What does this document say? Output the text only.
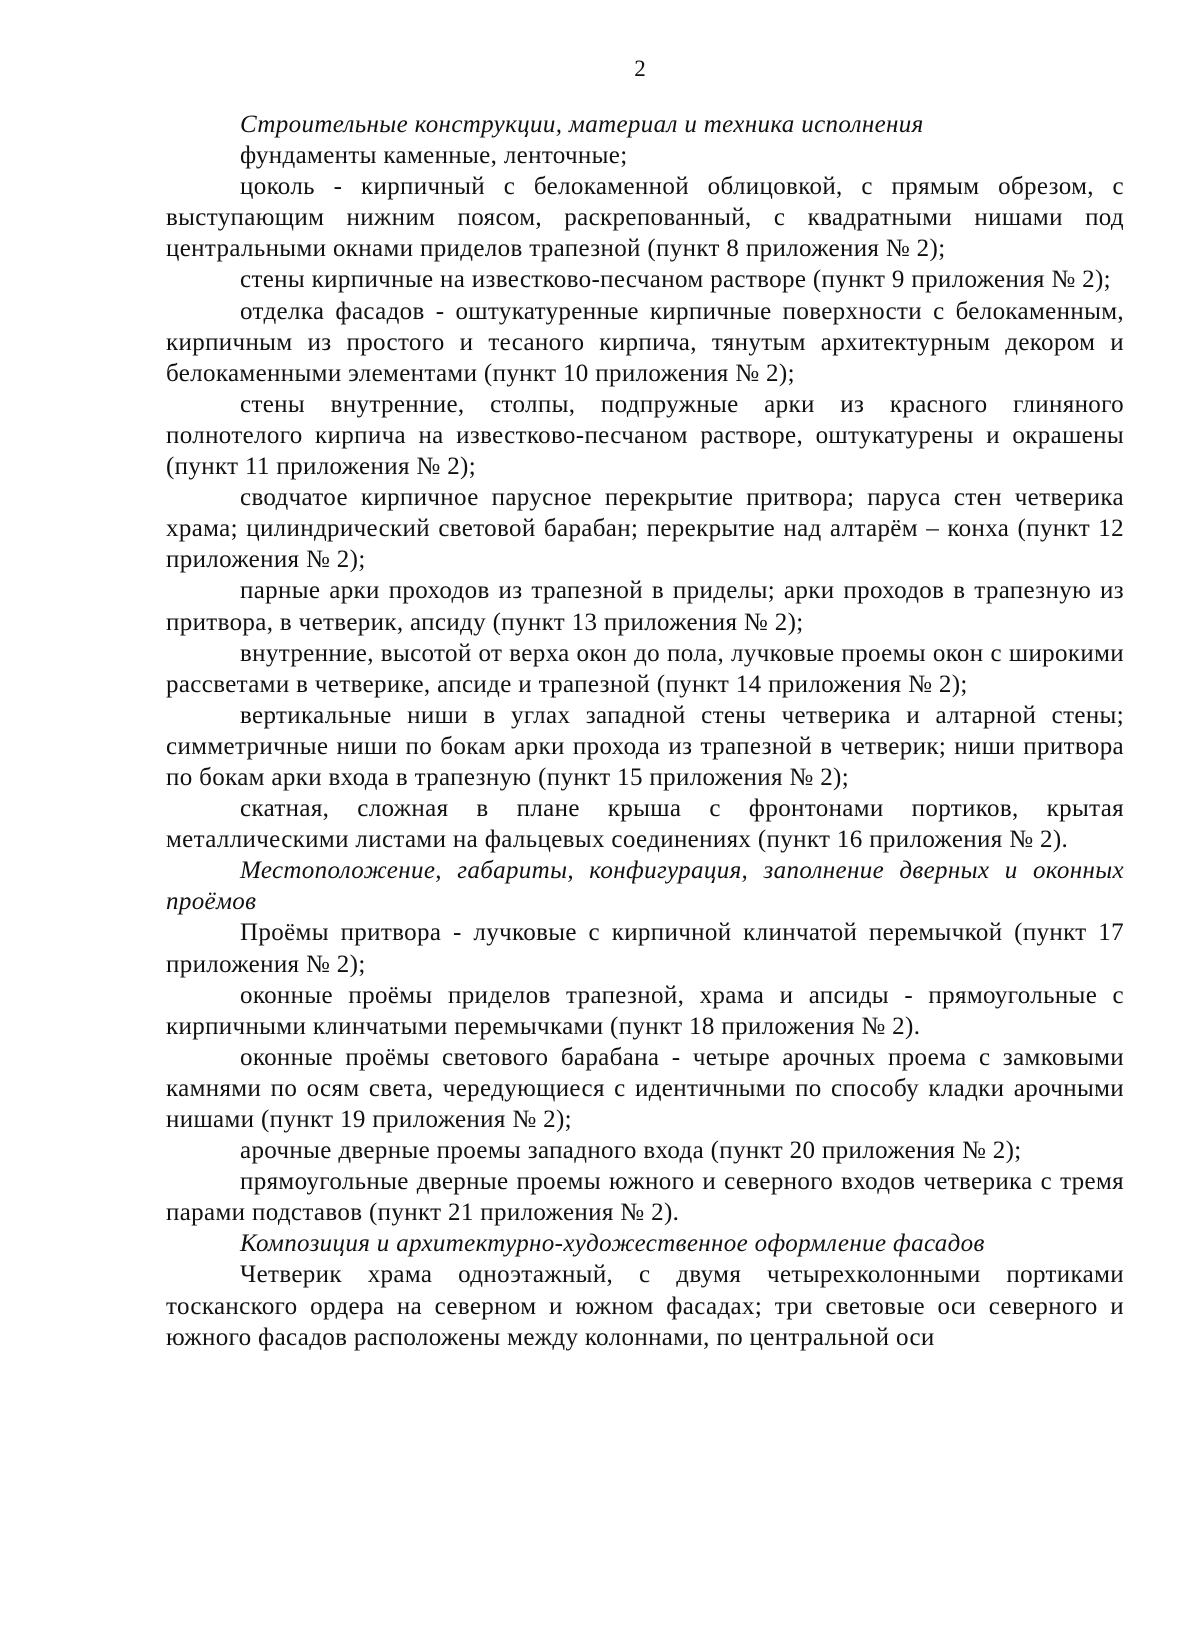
2

Строительные конструкции, материал и техника исполнения

фундаменты каменные, ленточные;

цоколь - кирпичный с белокаменной облицовкой, с прямым обрезом, с выступающим нижним поясом, раскрепованный, с квадратными нишами под центральными окнами приделов трапезной (пункт 8 приложения № 2);

стены кирпичные на известково-песчаном растворе (пункт 9 приложения № 2);

отделка фасадов - оштукатуренные кирпичные поверхности с белокаменным, кирпичным из простого и тесаного кирпича, тянутым архитектурным декором и белокаменными элементами (пункт 10 приложения № 2);

стены внутренние, столпы, подпружные арки из красного глиняного полнотелого кирпича на известково-песчаном растворе, оштукатурены и окрашены (пункт 11 приложения № 2);

сводчатое кирпичное парусное перекрытие притвора; паруса стен четверика храма; цилиндрический световой барабан; перекрытие над алтарём – конха (пункт 12 приложения № 2);

парные арки проходов из трапезной в приделы; арки проходов в трапезную из притвора, в четверик, апсиду (пункт 13 приложения № 2);

внутренние, высотой от верха окон до пола, лучковые проемы окон с широкими рассветами в четверике, апсиде и трапезной (пункт 14 приложения № 2);

вертикальные ниши в углах западной стены четверика и алтарной стены; симметричные ниши по бокам арки прохода из трапезной в четверик; ниши притвора по бокам арки входа в трапезную (пункт 15 приложения № 2);

скатная, сложная в плане крыша с фронтонами портиков, крытая металлическими листами на фальцевых соединениях (пункт 16 приложения № 2).

Местоположение, габариты, конфигурация, заполнение дверных и оконных проёмов

Проёмы притвора - лучковые с кирпичной клинчатой перемычкой (пункт 17 приложения № 2);

оконные проёмы приделов трапезной, храма и апсиды - прямоугольные с кирпичными клинчатыми перемычками (пункт 18 приложения № 2).

оконные проёмы светового барабана - четыре арочных проема с замковыми камнями по осям света, чередующиеся с идентичными по способу кладки арочными нишами (пункт 19 приложения № 2);

арочные дверные проемы западного входа (пункт 20 приложения № 2);

прямоугольные дверные проемы южного и северного входов четверика с тремя парами подставов (пункт 21 приложения № 2).

Композиция и архитектурно-художественное оформление фасадов

Четверик храма одноэтажный, с двумя четырехколонными портиками тосканского ордера на северном и южном фасадах; три световые оси северного и южного фасадов расположены между колоннами, по центральной оси
